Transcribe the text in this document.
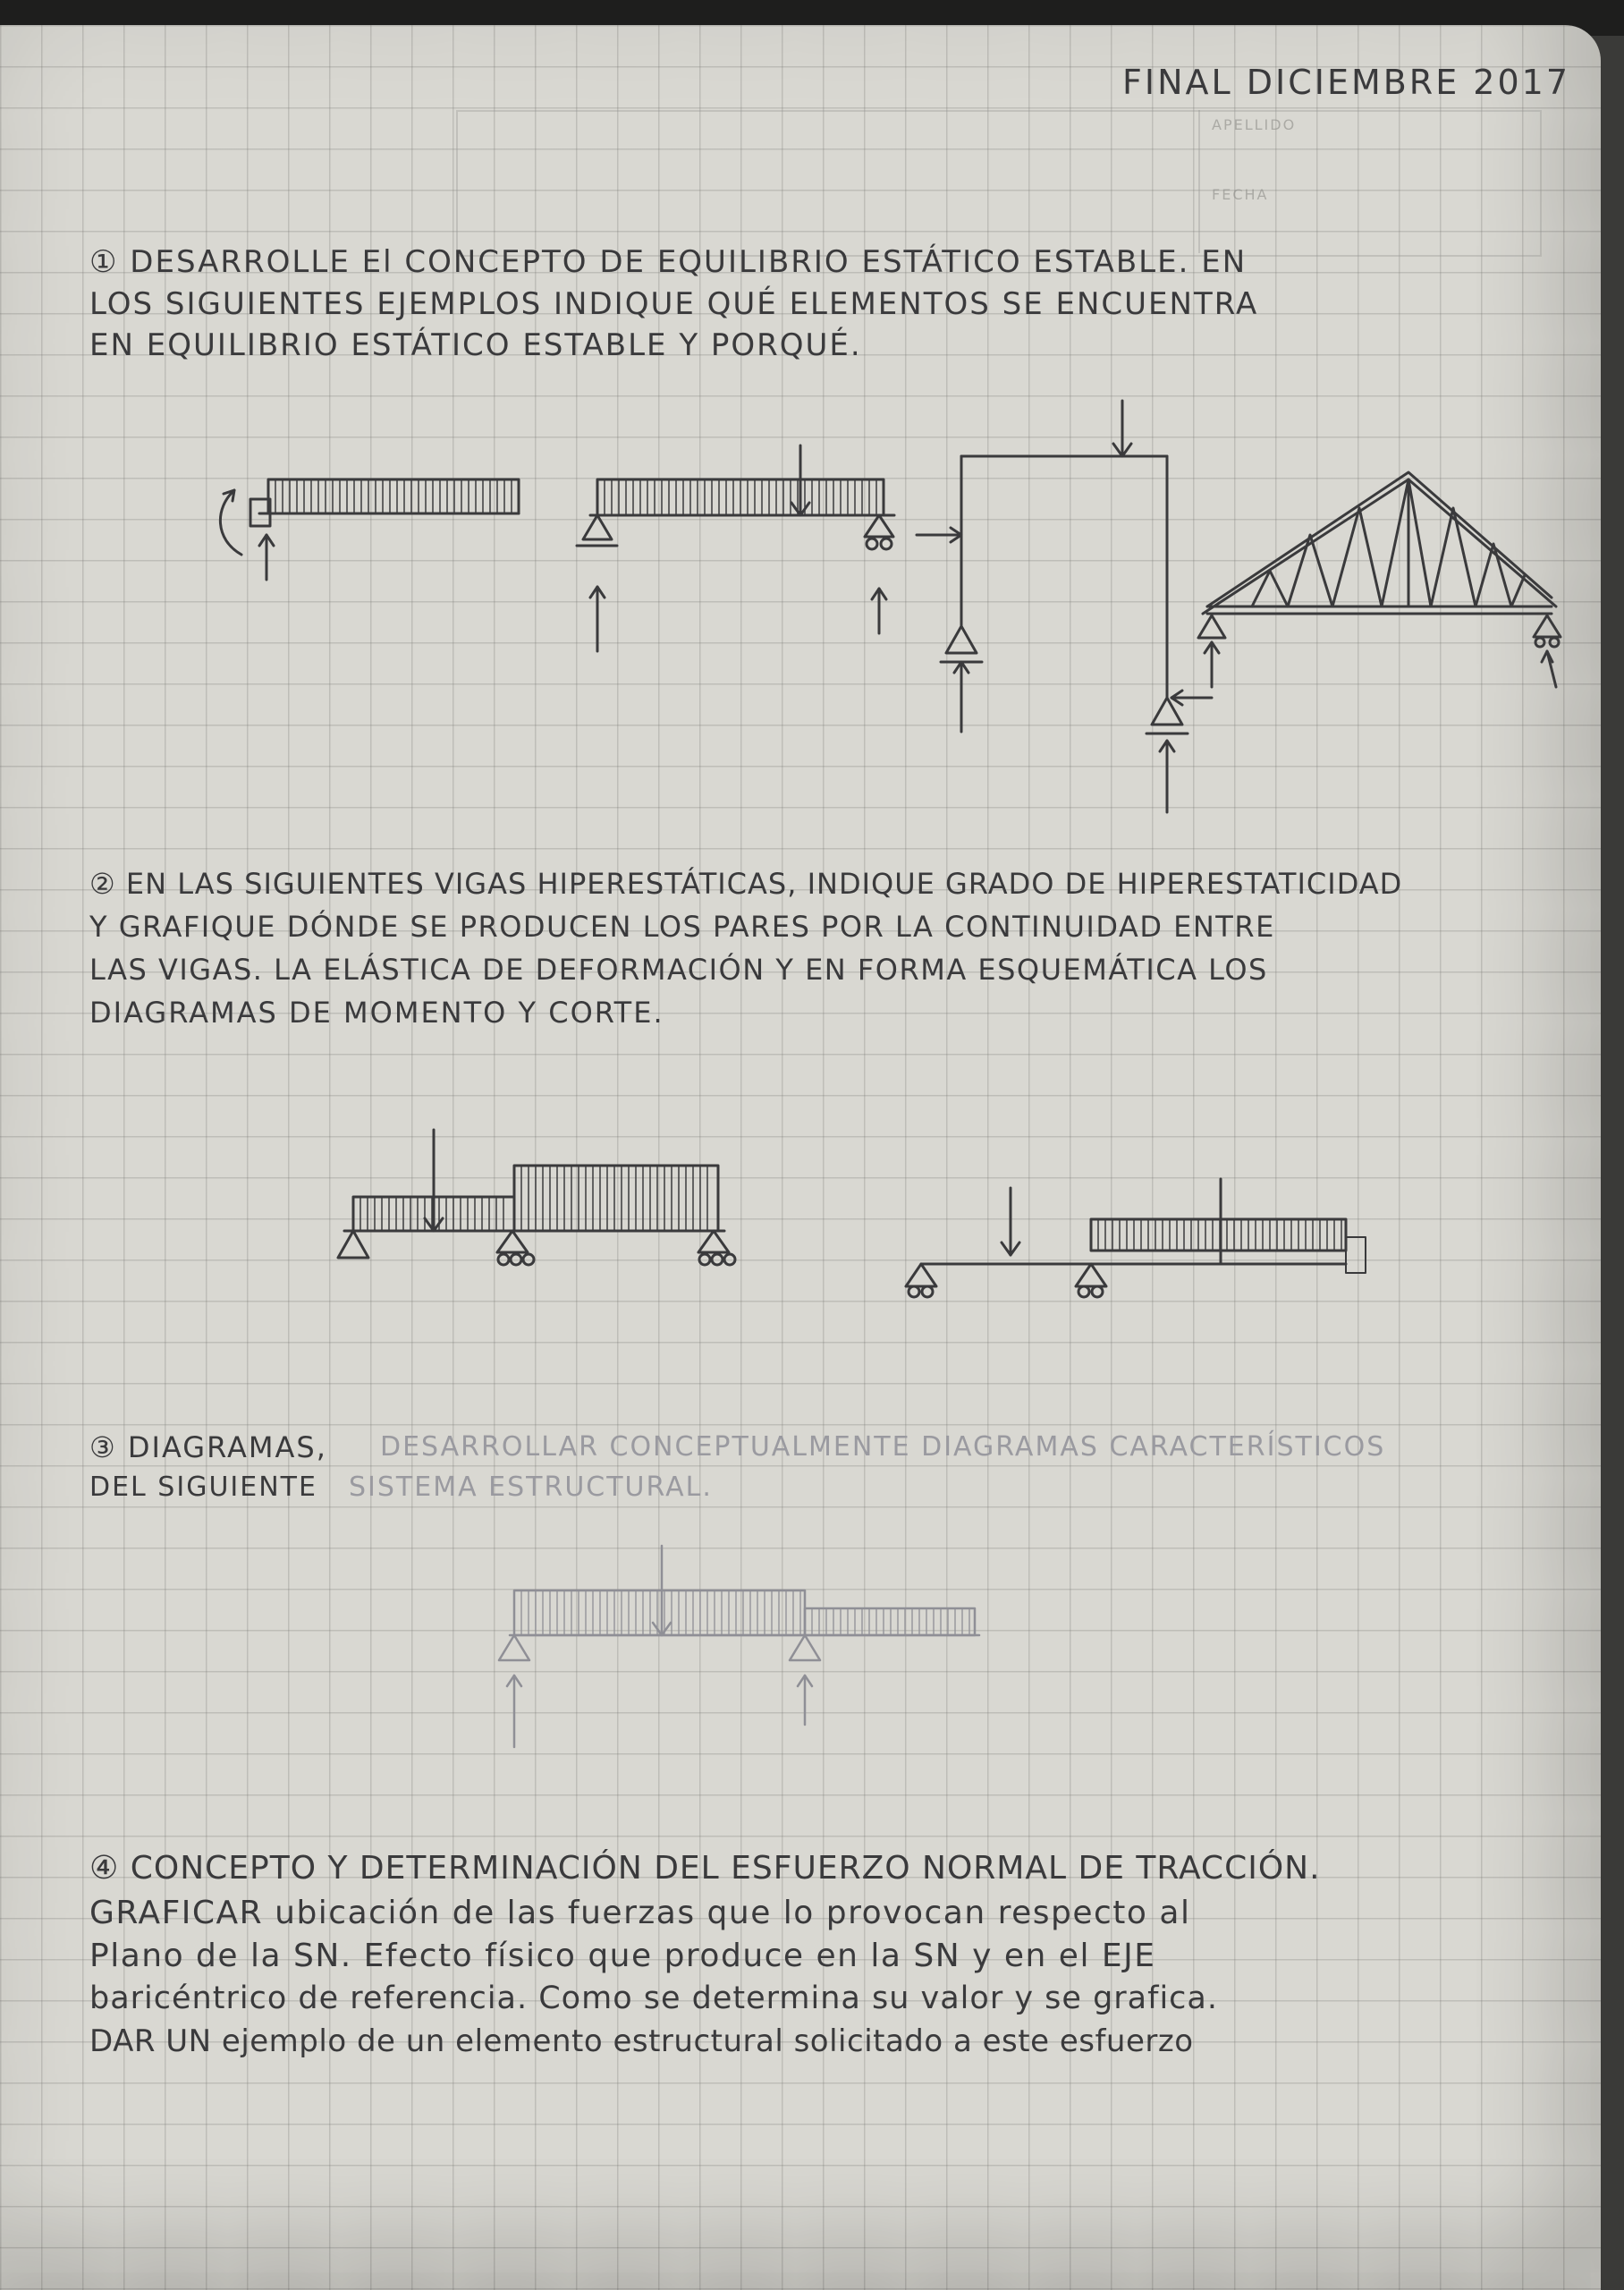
APELLIDO
FECHA
FINAL DICIEMBRE 2017
① DESARROLLE El CONCEPTO DE EQUILIBRIO ESTÁTICO ESTABLE. EN
LOS SIGUIENTES EJEMPLOS INDIQUE QUÉ ELEMENTOS SE ENCUENTRA
EN EQUILIBRIO ESTÁTICO ESTABLE Y PORQUÉ.
② EN LAS SIGUIENTES VIGAS HIPERESTÁTICAS, INDIQUE GRADO DE HIPERESTATICIDAD
Y GRAFIQUE DÓNDE SE PRODUCEN LOS PARES POR LA CONTINUIDAD ENTRE
LAS VIGAS. LA ELÁSTICA DE DEFORMACIÓN Y EN FORMA ESQUEMÁTICA LOS
DIAGRAMAS DE MOMENTO Y CORTE.
③ DIAGRAMAS, DESARROLLAR CONCEPTUALMENTE DIAGRAMAS CARACTERÍSTICOS
DEL SIGUIENTE SISTEMA ESTRUCTURAL.
④ CONCEPTO Y DETERMINACIÓN DEL ESFUERZO NORMAL DE TRACCIÓN.
GRAFICAR ubicación de las fuerzas que lo provocan respecto al
Plano de la SN. Efecto físico que produce en la SN y en el EJE
baricéntrico de referencia. Como se determina su valor y se grafica.
DAR UN ejemplo de un elemento estructural solicitado a este esfuerzo
